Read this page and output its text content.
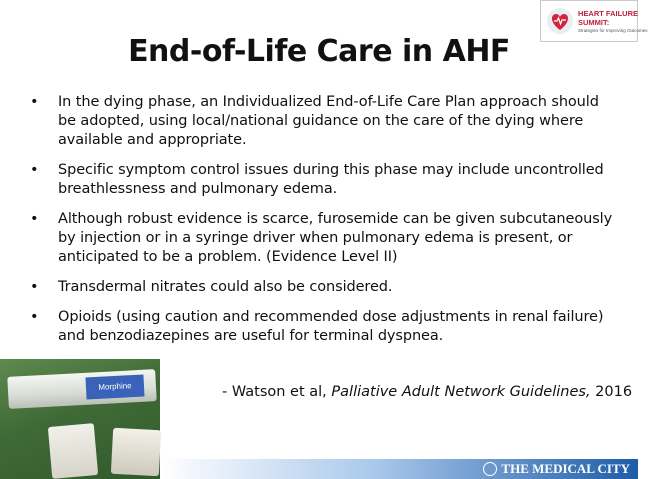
HEART FAILURE
SUMMIT:
Strategies for Improving Outcomes
End-of-Life Care in AHF
• In the dying phase, an Individualized End-of-Life Care Plan approach should be adopted, using local/national guidance on the care of the dying where available and appropriate.
• Specific symptom control issues during this phase may include uncontrolled breathlessness and pulmonary edema.
• Although robust evidence is scarce, furosemide can be given subcutaneously by injection or in a syringe driver when pulmonary edema is present, or anticipated to be a problem. (Evidence Level II)
• Transdermal nitrates could also be considered.
• Opioids (using caution and recommended dose adjustments in renal failure) and benzodiazepines are useful for terminal dyspnea.
Morphine	- Watson et al, Palliative Adult Network Guidelines, 2016
THE MEDICAL CITY
